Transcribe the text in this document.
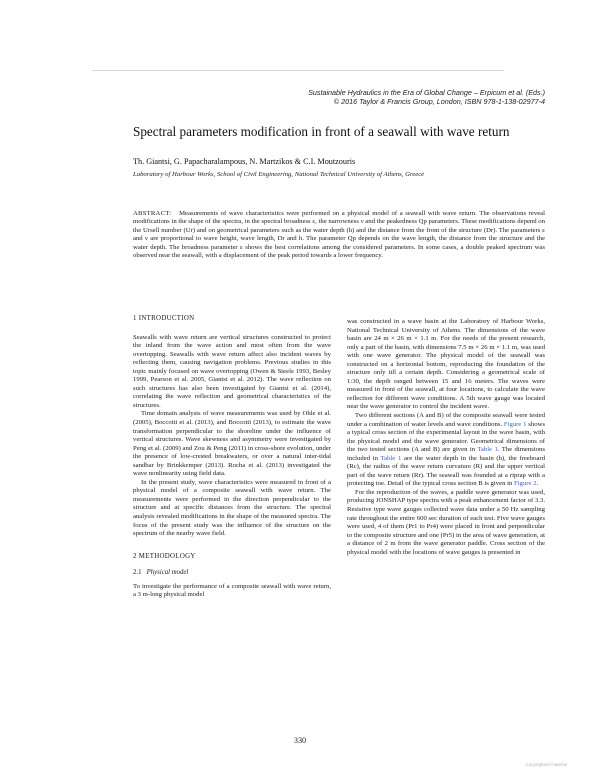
Sustainable Hydraulics in the Era of Global Change – Erpicum et al. (Eds.)
© 2016 Taylor & Francis Group, London, ISBN 978-1-138-02977-4
Spectral parameters modification in front of a seawall with wave return
Th. Giantsi, G. Papacharalampous, N. Martzikos & C.I. Moutzouris
Laboratory of Harbour Works, School of Civil Engineering, National Technical University of Athens, Greece

ABSTRACT: Measurements of wave characteristics were performed on a physical model of a seawall with wave return. The observations reveal modifications in the shape of the spectra, in the spectral broadness ε, the narrowness ν and the peakedness Qp parameters. These modifications depend on the Ursell number (Ur) and on geometrical parameters such as the water depth (h) and the distance from the front of the structure (Dr). The parameters ε and ν are proportional to wave height, wave length, Dr and h. The parameter Qp depends on the wave length, the distance from the structure and the water depth. The broadness parameter ε shows the best correlations among the considered parameters. In some cases, a double peaked spectrum was observed near the seawall, with a displacement of the peak period towards a lower frequency.

1 INTRODUCTION

Seawalls with wave return are vertical structures constructed to protect the inland from the wave action and most often from the wave overtopping. Seawalls with wave return affect also incident waves by reflecting them, causing navigation problems. Previous studies in this topic mainly focused on wave overtopping (Owen & Steele 1993, Besley 1999, Pearson et al. 2005, Giantsi et al. 2012). The wave reflection on such structures has also been investigated by Giantsi et al. (2014), correlating the wave reflection and geometrical characteristics of the structures.

Time domain analysis of wave measurements was used by Ohle et al. (2005), Boccotti et al. (2013), and Boccotti (2013), to estimate the wave transformation perpendicular to the shoreline under the influence of vertical structures. Wave skewness and asymmetry were investigated by Peng et al. (2009) and Zou & Peng (2011) in cross-shore evolution, under the presence of low-crested breakwaters, or over a natural inter-tidal sandbar by Brinkkemper (2013). Rocha et al. (2013) investigated the wave nonlinearity using field data.

In the present study, wave characteristics were measured in front of a physical model of a composite seawall with wave return. The measurements were performed in the direction perpendicular to the structure and at specific distances from the structure. The spectral analysis revealed modifications in the shape of the measured spectra. The focus of the present study was the influence of the structure on the spectrum of the nearby wave field.

2 METHODOLOGY
2.1 Physical model

To investigate the performance of a composite seawall with wave return, a 3 m-long physical model

was constructed in a wave basin at the Laboratory of Harbour Works, National Technical University of Athens. The dimensions of the wave basin are 24 m × 26 m × 1.1 m. For the needs of the present research, only a part of the basin, with dimensions 7.5 m × 26 m × 1.1 m, was used with one wave generator. The physical model of the seawall was constructed on a horizontal bottom, reproducing the foundation of the structure only till a certain depth. Considering a geometrical scale of 1:30, the depth ranged between 15 and 16 meters. The waves were measured in front of the seawall, at four locations, to calculate the wave reflection for different wave conditions. A 5th wave gauge was located near the wave generator to control the incident wave.

Two different sections (A and B) of the composite seawall were tested under a combination of water levels and wave conditions. Figure 1 shows a typical cross section of the experimental layout in the wave basin, with the physical model and the wave generator. Geometrical dimensions of the two tested sections (A and B) are given in Table 1. The dimensions included in Table 1 are the water depth in the basin (h), the freeboard (Rc), the radius of the wave return curvature (R) and the upper vertical part of the wave return (Rr). The seawall was founded at a riprap with a protecting toe. Detail of the typical cross section B is given in Figure 2.

For the reproduction of the waves, a paddle wave generator was used, producing JONSHAP type spectra with a peak enhancement factor of 3.3. Resistive type wave gauges collected wave data under a 50 Hz sampling rate throughout the entire 600 sec duration of each test. Five wave gauges were used, 4 of them (Pr1 to Pr4) were placed in front and perpendicular to the composite structure and one (Pr5) in the area of wave generation, at a distance of 2 m from the wave generator paddle. Cross section of the physical model with the locations of wave gauges is presented in

330
Copyrighted material
